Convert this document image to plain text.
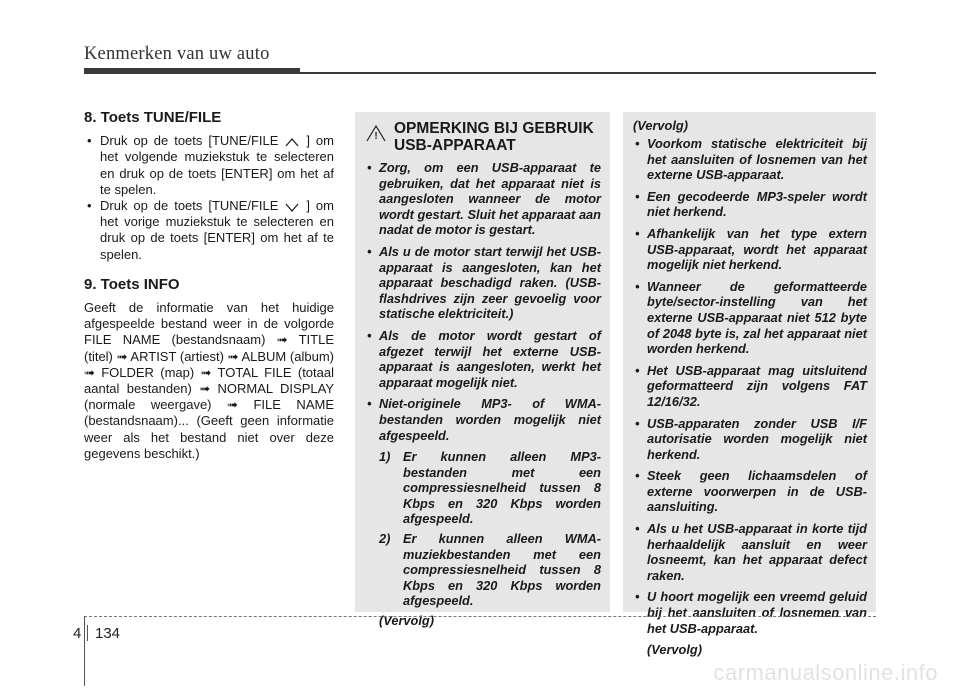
Kenmerken van uw auto
8. Toets TUNE/FILE
• Druk op de toets [TUNE/FILE ] om het volgende muziekstuk te selecteren en druk op de toets [ENTER] om het af te spelen.
• Druk op de toets [TUNE/FILE ] om het vorige muziekstuk te selecteren en druk op de toets [ENTER] om het af te spelen.
9. Toets INFO

Geeft de informatie van het huidige afgespeelde bestand weer in de volgorde FILE NAME (bestandsnaam) ➟ TITLE (titel) ➟ ARTIST (artiest) ➟ ALBUM (album) ➟ FOLDER (map) ➟ TOTAL FILE (totaal aantal bestanden) ➟ NORMAL DISPLAY (normale weergave) ➟ FILE NAME (bestandsnaam)... (Geeft geen informatie weer als het bestand niet over deze gegevens beschikt.)

! OPMERKING BIJ GEBRUIK USB-APPARAAT
• Zorg, om een USB-apparaat te gebruiken, dat het apparaat niet is aangesloten wanneer de motor wordt gestart. Sluit het apparaat aan nadat de motor is gestart.
• Als u de motor start terwijl het USB-apparaat is aangesloten, kan het apparaat beschadigd raken. (USB-flashdrives zijn zeer gevoelig voor statische elektriciteit.)
• Als de motor wordt gestart of afgezet terwijl het externe USB-apparaat is aangesloten, werkt het apparaat mogelijk niet.
• Niet-originele MP3- of WMA-bestanden worden mogelijk niet afgespeeld.
1) Er kunnen alleen MP3-bestanden met een compressiesnelheid tussen 8 Kbps en 320 Kbps worden afgespeeld.
2) Er kunnen alleen WMA-muziekbestanden met een compressiesnelheid tussen 8 Kbps en 320 Kbps worden afgespeeld.
(Vervolg)
(Vervolg)
• Voorkom statische elektriciteit bij het aansluiten of losnemen van het externe USB-apparaat.
• Een gecodeerde MP3-speler wordt niet herkend.
• Afhankelijk van het type extern USB-apparaat, wordt het apparaat mogelijk niet herkend.
• Wanneer de geformatteerde byte/sector-instelling van het externe USB-apparaat niet 512 byte of 2048 byte is, zal het apparaat niet worden herkend.
• Het USB-apparaat mag uitsluitend geformatteerd zijn volgens FAT 12/16/32.
• USB-apparaten zonder USB I/F autorisatie worden mogelijk niet herkend.
• Steek geen lichaamsdelen of externe voorwerpen in de USB-aansluiting.
• Als u het USB-apparaat in korte tijd herhaaldelijk aansluit en weer losneemt, kan het apparaat defect raken.
• U hoort mogelijk een vreemd geluid bij het aansluiten of losnemen van het USB-apparaat.
(Vervolg)
4 134
carmanualsonline.info
